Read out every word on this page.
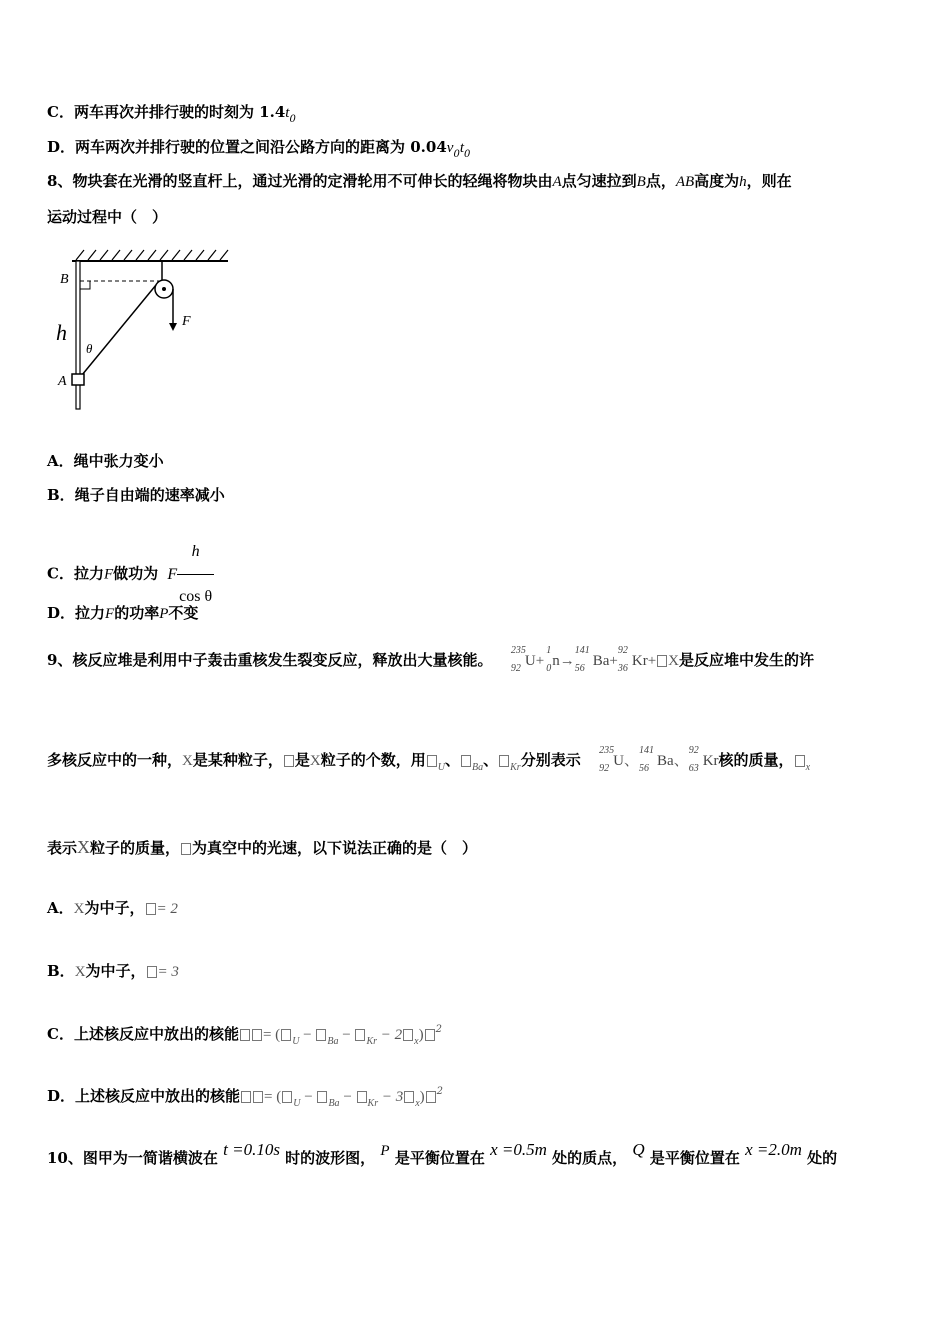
C．两车再次并排行驶的时刻为 $1.4t_0$
D．两车两次并排行驶的位置之间沿公路方向的距离为 $0.04v_0t_0$
8、物块套在光滑的竖直杆上，通过光滑的定滑轮用不可伸长的轻绳将物块由A点匀速拉到B点，AB高度为h，则在
运动过程中（　）
B
h
θ
A
F
A．绳中张力变小
B．绳子自由端的速率减小
C．拉力F做功为 F $\frac{h}{\text{cos θ}}$
D．拉力F的功率P不变
9、核反应堆是利用中子轰击重核发生裂变反应，释放出大量核能。
235
92 U+
1
0 n→
141
56 Ba+
92
36 Kr+ X是反应堆中发生的许
多核反应中的一种，X是某种粒子， 是X粒子的个数，用 $_U$、 $_{Ba}$、 $_{Kr}$分别表示
235
92 U、
141
56 Ba、
92
63 Kr核的质量， $_x$
表示X粒子的质量， 为真空中的光速，以下说法正确的是（　）
A．X为中子， = 2
B．X为中子， = 3
C．上述核反应中放出的核能 = ( $_U$ − $_{Ba}$ − $_{Kr}$ − 2 $_x$) $^2$
D．上述核反应中放出的核能 = ( $_U$ − $_{Ba}$ − $_{Kr}$ − 3 $_x$) $^2$
10、图甲为一简谐横波在 t =0.10s 时的波形图， P 是平衡位置在 x =0.5m 处的质点， Q 是平衡位置在 x =2.0m 处的
